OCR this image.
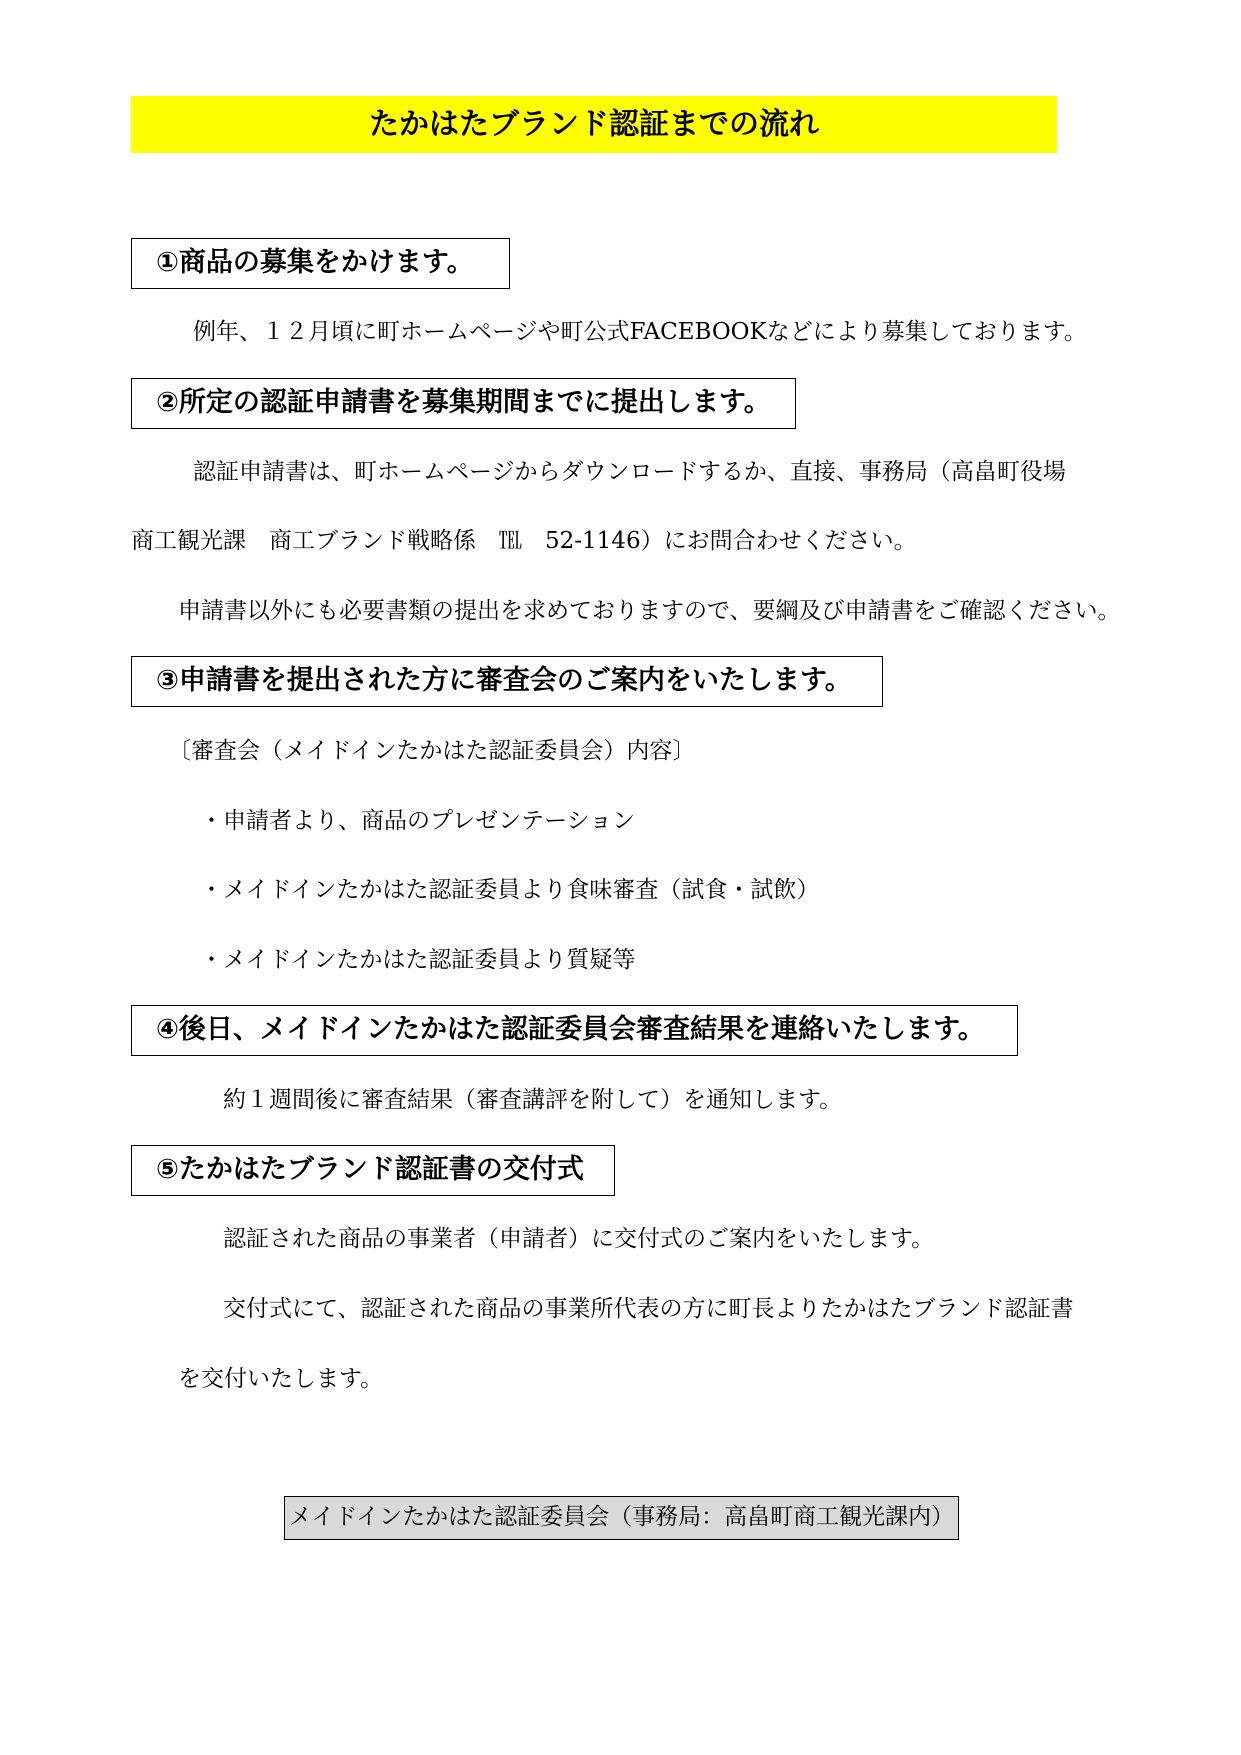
たかはたブランド認証までの流れ
①商品の募集をかけます。
例年、１２月頃に町ホームページや町公式FACEBOOKなどにより募集しております。
②所定の認証申請書を募集期間までに提出します。
認証申請書は、町ホームページからダウンロードするか、直接、事務局（高畠町役場
商工観光課　商工ブランド戦略係　℡　52-1146）にお問合わせください。
申請書以外にも必要書類の提出を求めておりますので、要綱及び申請書をご確認ください。
③申請書を提出された方に審査会のご案内をいたします。
〔審査会（メイドインたかはた認証委員会）内容〕
・申請者より、商品のプレゼンテーション
・メイドインたかはた認証委員より食味審査（試食・試飲）
・メイドインたかはた認証委員より質疑等
④後日、メイドインたかはた認証委員会審査結果を連絡いたします。
約１週間後に審査結果（審査講評を附して）を通知します。
⑤たかはたブランド認証書の交付式
認証された商品の事業者（申請者）に交付式のご案内をいたします。
交付式にて、認証された商品の事業所代表の方に町長よりたかはたブランド認証書
を交付いたします。
メイドインたかはた認証委員会（事務局：高畠町商工観光課内）
